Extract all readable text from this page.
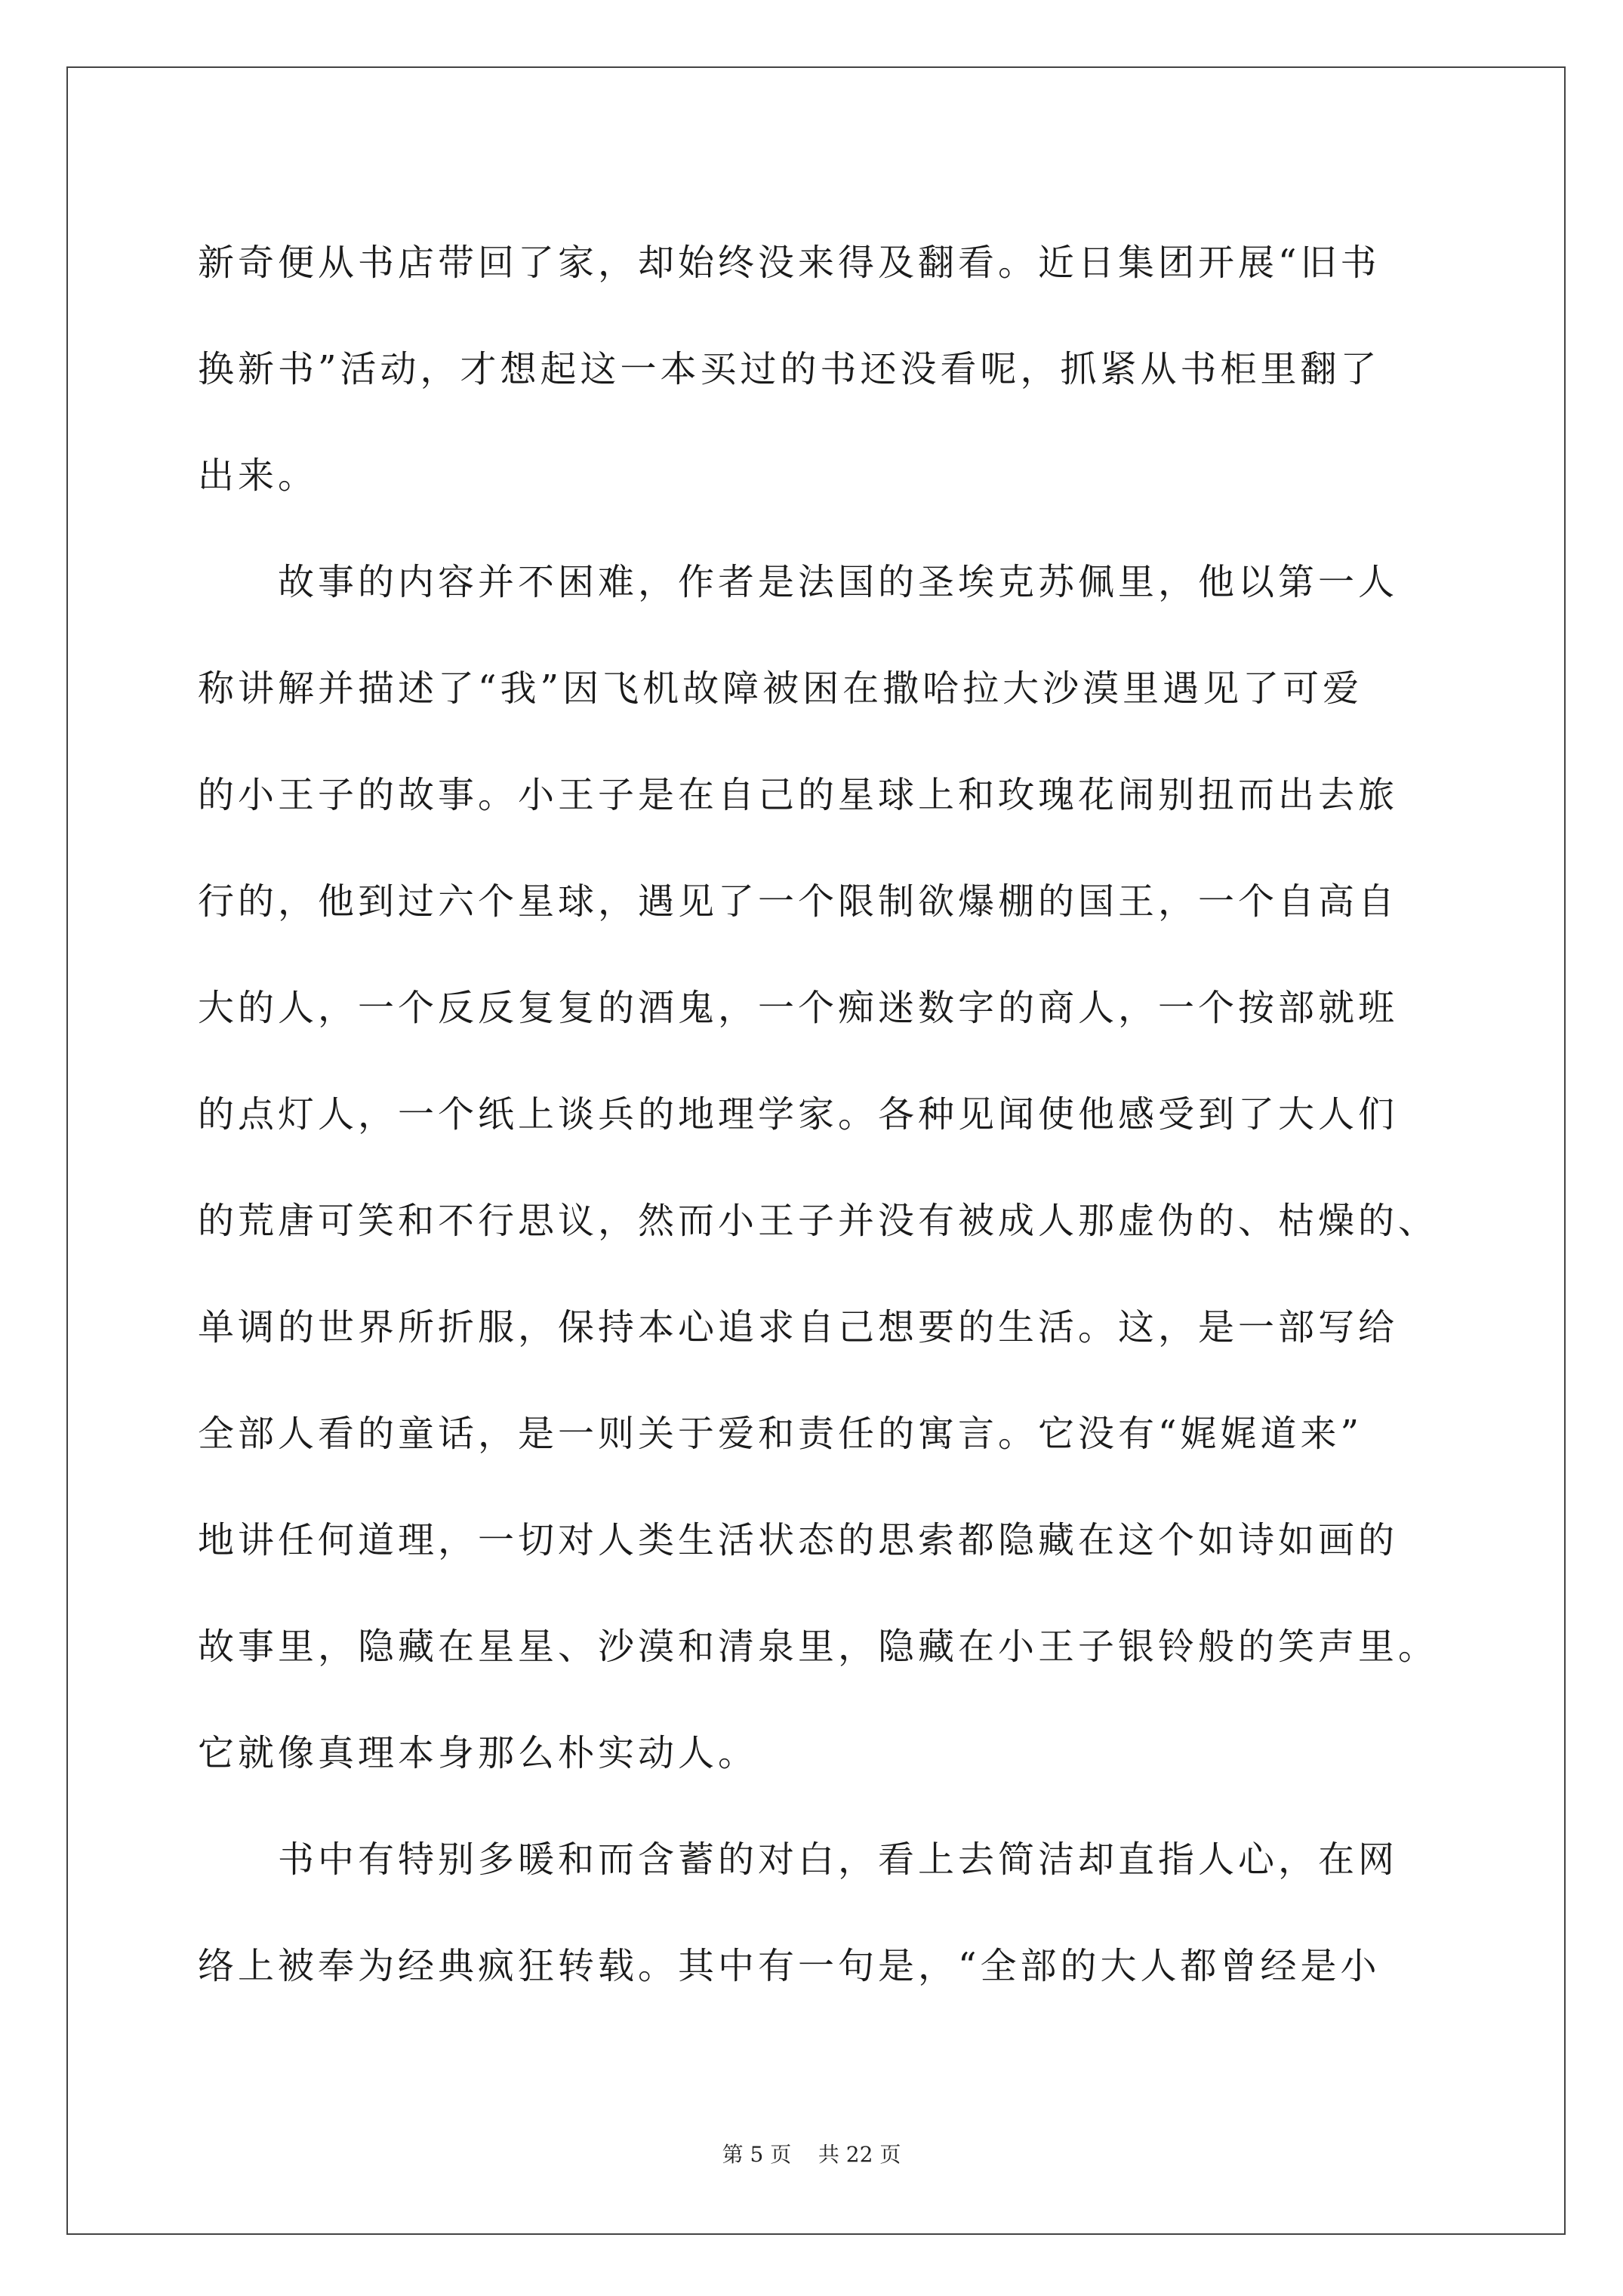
新奇便从书店带回了家，却始终没来得及翻看。近日集团开展“旧书
换新书”活动，才想起这一本买过的书还没看呢，抓紧从书柜里翻了
出来。
　　故事的内容并不困难，作者是法国的圣埃克苏佩里，他以第一人
称讲解并描述了“我”因飞机故障被困在撒哈拉大沙漠里遇见了可爱
的小王子的故事。小王子是在自己的星球上和玫瑰花闹别扭而出去旅
行的，他到过六个星球，遇见了一个限制欲爆棚的国王，一个自高自
大的人，一个反反复复的酒鬼，一个痴迷数字的商人，一个按部就班
的点灯人，一个纸上谈兵的地理学家。各种见闻使他感受到了大人们
的荒唐可笑和不行思议，然而小王子并没有被成人那虚伪的、枯燥的、
单调的世界所折服，保持本心追求自己想要的生活。这，是一部写给
全部人看的童话，是一则关于爱和责任的寓言。它没有“娓娓道来”
地讲任何道理，一切对人类生活状态的思索都隐藏在这个如诗如画的
故事里，隐藏在星星、沙漠和清泉里，隐藏在小王子银铃般的笑声里。
它就像真理本身那么朴实动人。
　　书中有特别多暖和而含蓄的对白，看上去简洁却直指人心，在网
络上被奉为经典疯狂转载。其中有一句是，“全部的大人都曾经是小
第 5 页 共 22 页
